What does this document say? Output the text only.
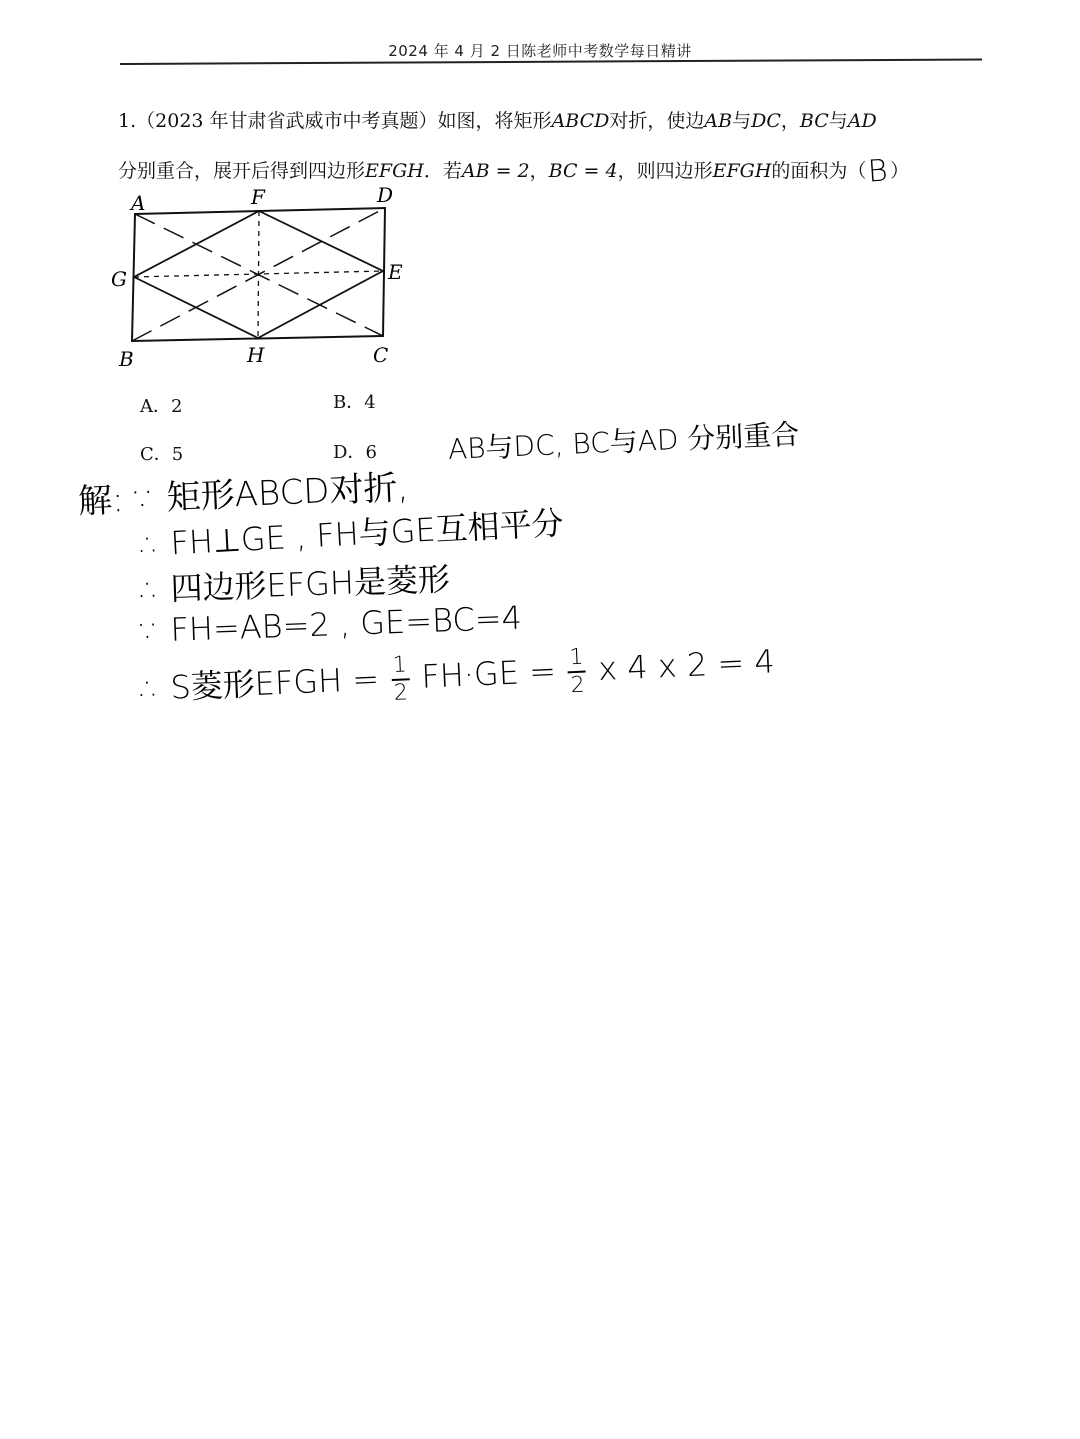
2024 年 4 月 2 日陈老师中考数学每日精讲
1.（2023 年甘肃省武威市中考真题）如图，将矩形ABCD对折，使边AB与DC，BC与AD
分别重合，展开后得到四边形EFGH．若AB = 2，BC = 4，则四边形EFGH的面积为（B）
A	F	D
G	E
B	H	C
A．2	B．4
C．5	D．6	AB与DC, BC与AD 分别重合
解: ∵ 矩形ABCD对折,
∴ FH⊥GE , FH与GE互相平分
∴ 四边形EFGH是菱形
∵ FH=AB=2 , GE=BC=4
∴ S菱形EFGH = $\frac{1}{2} FH\cdot GE = \frac{1}{2}$ x 4 x 2 = 4
